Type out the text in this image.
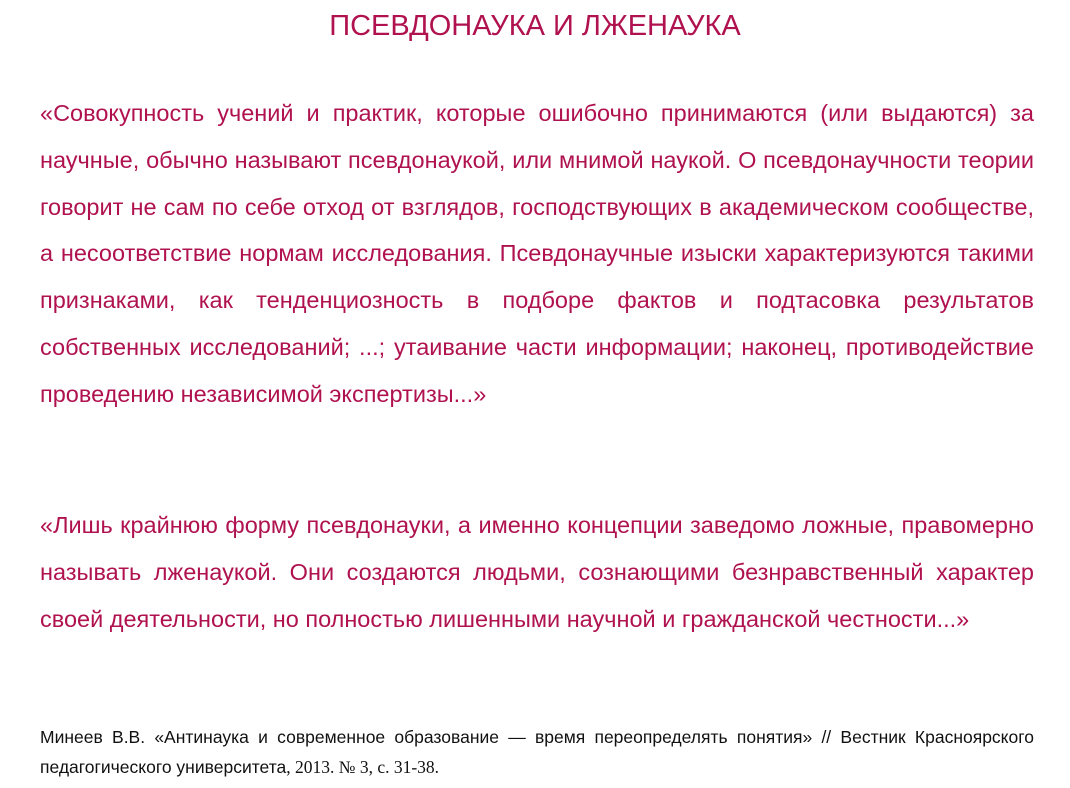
ПСЕВДОНАУКА И ЛЖЕНАУКА
«Совокупность учений и практик, которые ошибочно принимаются (или выдаются) за научные, обычно называют псевдонаукой, или мнимой наукой. О псевдонаучности теории говорит не сам по себе отход от взглядов, господствующих в академическом сообществе, а несоответствие нормам исследования. Псевдонаучные изыски характеризуются такими признаками, как тенденциозность в подборе фактов и подтасовка результатов собственных исследований; ...; утаивание части информации; наконец, противодействие проведению независимой экспертизы...»
«Лишь крайнюю форму псевдонауки, а именно концепции заведомо ложные, правомерно называть лженаукой. Они создаются людьми, сознающими безнравственный характер своей деятельности, но полностью лишенными научной и гражданской честности...»
Минеев В.В. «Антинаука и современное образование — время переопределять понятия» // Вестник Красноярского педагогического университета, 2013. № 3, с. 31-38.
